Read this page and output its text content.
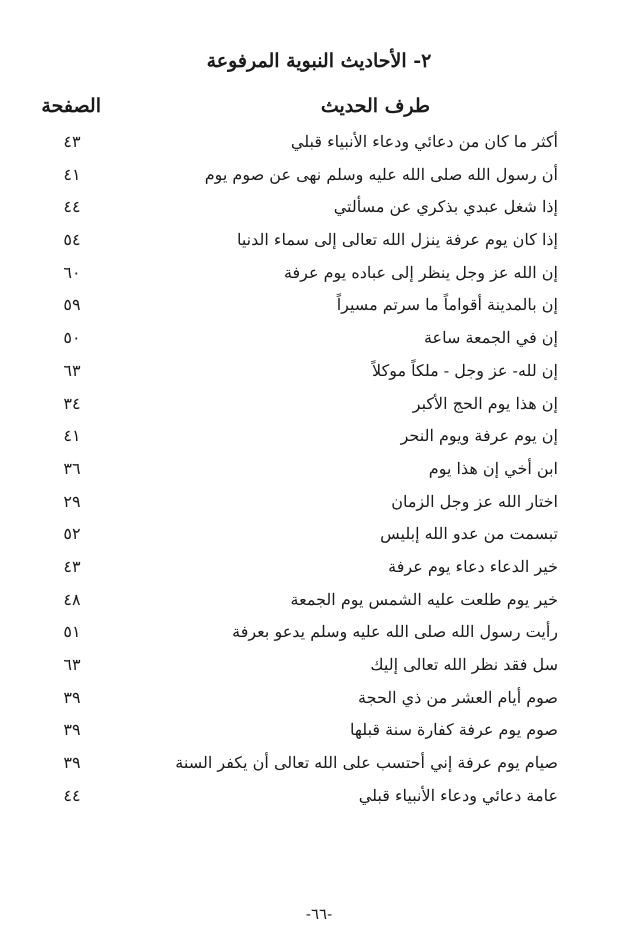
٢- الأحاديث النبوية المرفوعة
طرف الحديث
الصفحة
أكثر ما كان من دعائي ودعاء الأنبياء قبلي
٤٣
أن رسول الله صلى الله عليه وسلم نهى عن صوم يوم
٤١
إذا شغل عبدي بذكري عن مسألتي
٤٤
إذا كان يوم عرفة ينزل الله تعالى إلى سماء الدنيا
٥٤
إن الله عز وجل ينظر إلى عباده يوم عرفة
٦٠
إن بالمدينة أقواماً ما سرتم مسيراً
٥٩
إن في الجمعة ساعة
٥٠
إن لله- عز وجل - ملكاً موكلاً
٦٣
إن هذا يوم الحج الأكبر
٣٤
إن يوم عرفة ويوم النحر
٤١
ابن أخي إن هذا يوم
٣٦
اختار الله عز وجل الزمان
٢٩
تبسمت من عدو الله إبليس
٥٢
خير الدعاء دعاء يوم عرفة
٤٣
خير يوم طلعت عليه الشمس يوم الجمعة
٤٨
رأيت رسول الله صلى الله عليه وسلم يدعو بعرفة
٥١
سل فقد نظر الله تعالى إليك
٦٣
صوم أيام العشر من ذي الحجة
٣٩
صوم يوم عرفة كفارة سنة قبلها
٣٩
صيام يوم عرفة إني أحتسب على الله تعالى أن يكفر السنة
٣٩
عامة دعائي ودعاء الأنبياء قبلي
٤٤
-٦٦-
